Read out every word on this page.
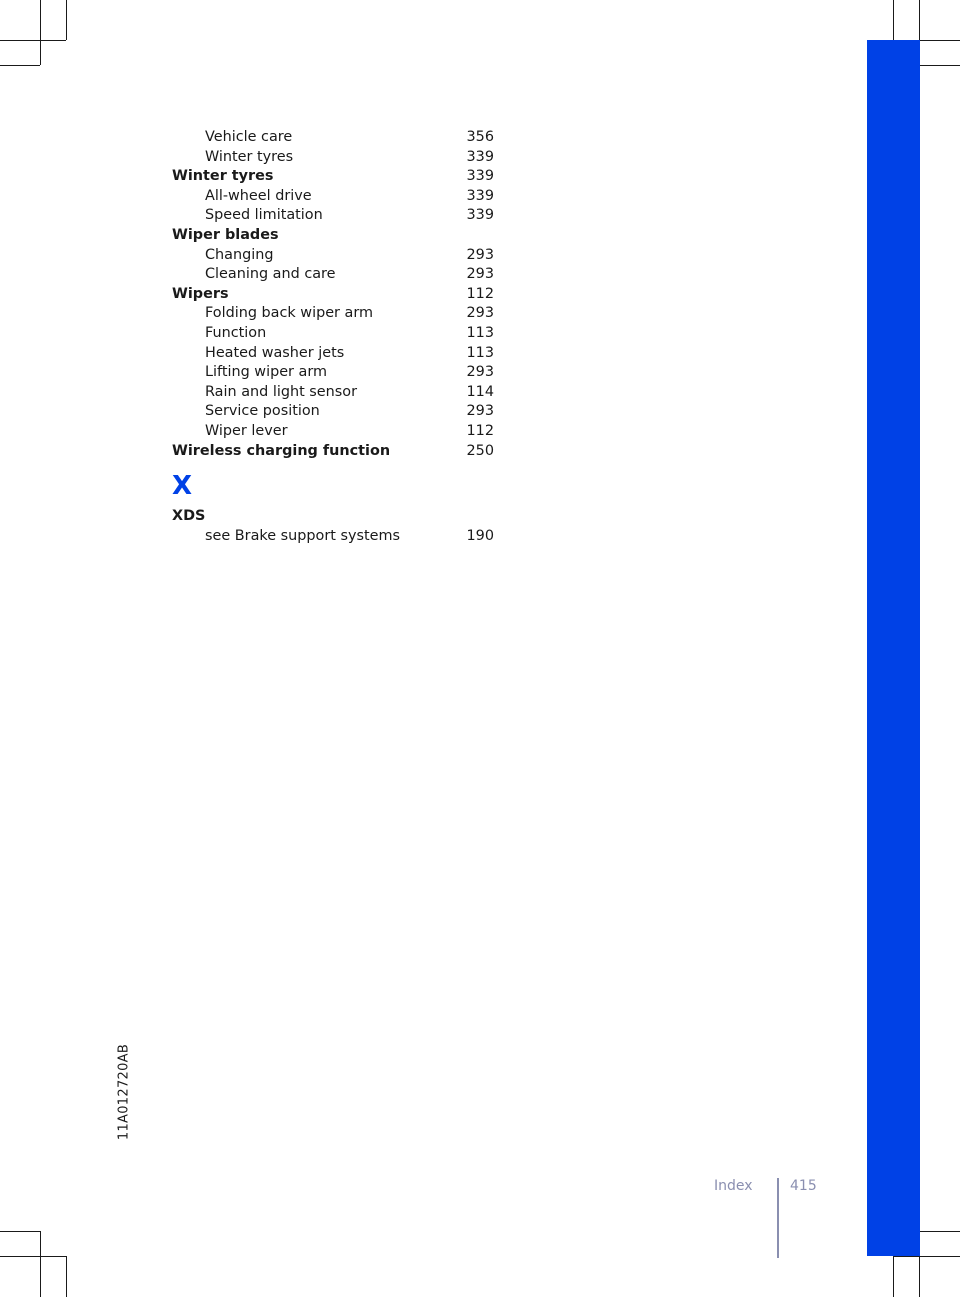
Vehicle care	356
Winter tyres	339
Winter tyres	339
All-wheel drive	339
Speed limitation	339
Wiper blades
Changing	293
Cleaning and care	293
Wipers	112
Folding back wiper arm	293
Function	113
Heated washer jets	113
Lifting wiper arm	293
Rain and light sensor	114
Service position	293
Wiper lever	112
Wireless charging function	250
X
XDS
see Brake support systems	190
11A012720AB
Index	415
